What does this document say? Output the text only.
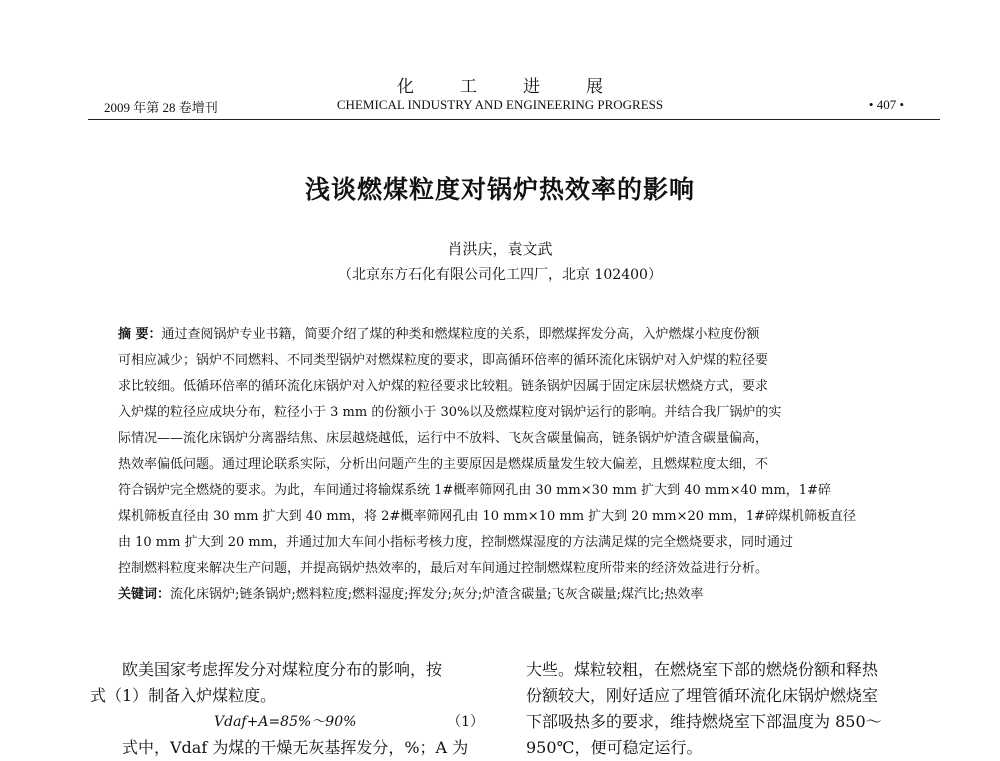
化工进展
2009 年第 28 卷增刊	CHEMICAL INDUSTRY AND ENGINEERING PROGRESS	• 407 •
浅谈燃煤粒度对锅炉热效率的影响
肖洪庆，袁文武
（北京东方石化有限公司化工四厂，北京 102400）
摘 要：通过查阅锅炉专业书籍，简要介绍了煤的种类和燃煤粒度的关系，即燃煤挥发分高，入炉燃煤小粒度份额
可相应减少；锅炉不同燃料、不同类型锅炉对燃煤粒度的要求，即高循环倍率的循环流化床锅炉对入炉煤的粒径要
求比较细。低循环倍率的循环流化床锅炉对入炉煤的粒径要求比较粗。链条锅炉因属于固定床层状燃烧方式，要求
入炉煤的粒径应成块分布，粒径小于 3 mm 的份额小于 30%以及燃煤粒度对锅炉运行的影响。并结合我厂锅炉的实
际情况——流化床锅炉分离器结焦、床层越烧越低，运行中不放料、飞灰含碳量偏高，链条锅炉炉渣含碳量偏高，
热效率偏低问题。通过理论联系实际，分析出问题产生的主要原因是燃煤质量发生较大偏差，且燃煤粒度太细，不
符合锅炉完全燃烧的要求。为此，车间通过将输煤系统 1#概率筛网孔由 30 mm×30 mm 扩大到 40 mm×40 mm，1#碎
煤机筛板直径由 30 mm 扩大到 40 mm，将 2#概率筛网孔由 10 mm×10 mm 扩大到 20 mm×20 mm，1#碎煤机筛板直径
由 10 mm 扩大到 20 mm，并通过加大车间小指标考核力度，控制燃煤湿度的方法满足煤的完全燃烧要求，同时通过
控制燃料粒度来解决生产问题，并提高锅炉热效率的，最后对车间通过控制燃煤粒度所带来的经济效益进行分析。
关键词：流化床锅炉;链条锅炉;燃料粒度;燃料湿度;挥发分;灰分;炉渣含碳量;飞灰含碳量;煤汽比;热效率
欧美国家考虑挥发分对煤粒度分布的影响，按
式（1）制备入炉煤粒度。
Vdaf+A=85%～90%	（1）
式中，Vdaf 为煤的干燥无灰基挥发分，%；A 为
大些。煤粒较粗，在燃烧室下部的燃烧份额和释热
份额较大，刚好适应了埋管循环流化床锅炉燃烧室
下部吸热多的要求，维持燃烧室下部温度为 850～
950℃，便可稳定运行。
